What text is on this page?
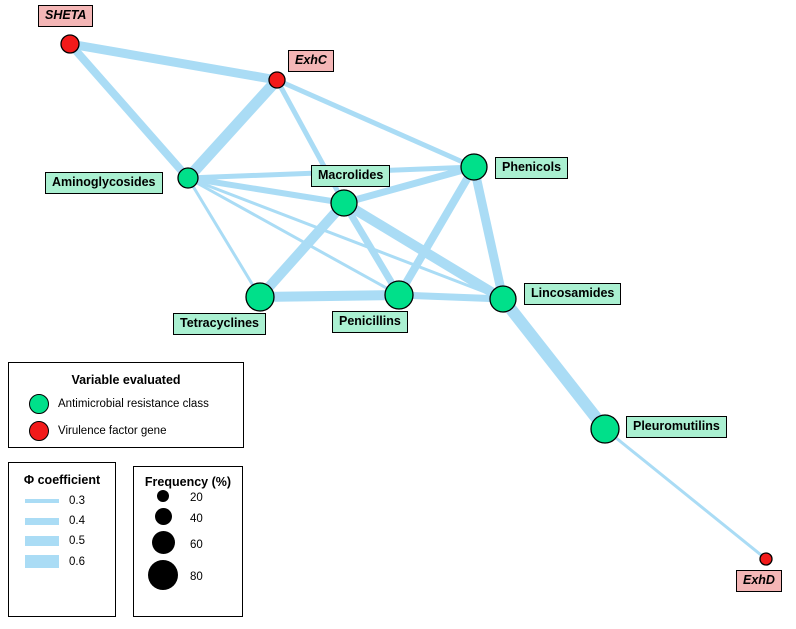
SHETA
ExhC
Aminoglycosides	Macrolides
Phenicols
Tetracyclines	Penicillins
Lincosamides
Pleuromutilins
ExhD
Variable evaluated
Antimicrobial resistance class
Virulence factor gene
Φ coefficient
0.3
0.4
0.5
0.6
Frequency (%)
20
40
60
80
